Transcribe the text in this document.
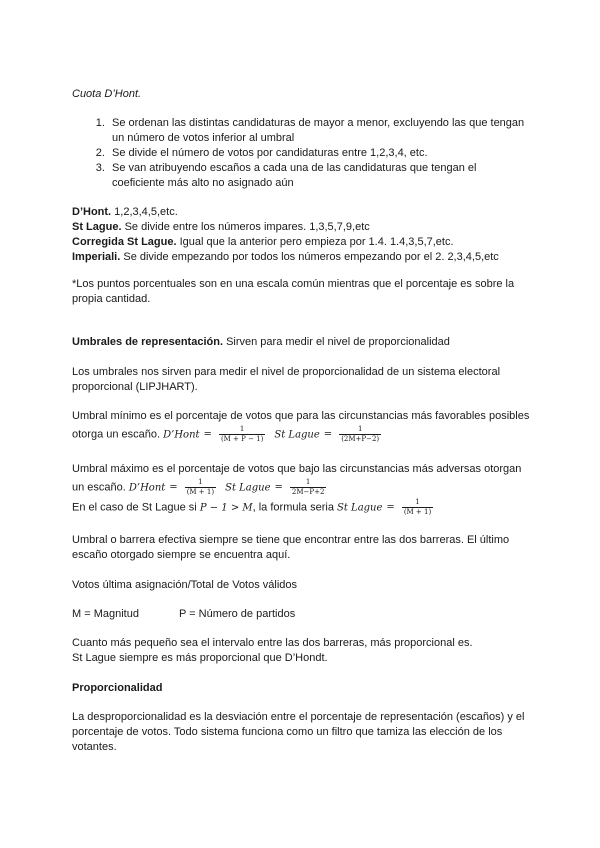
Cuota D’Hont.
1. Se ordenan las distintas candidaturas de mayor a menor, excluyendo las que tengan un número de votos inferior al umbral
2. Se divide el número de votos por candidaturas entre 1,2,3,4, etc.
3. Se van atribuyendo escaños a cada una de las candidaturas que tengan el coeficiente más alto no asignado aún
D’Hont. 1,2,3,4,5,etc.
St Lague. Se divide entre los números impares. 1,3,5,7,9,etc
Corregida St Lague. Igual que la anterior pero empieza por 1.4. 1.4,3,5,7,etc.
Imperiali. Se divide empezando por todos los números empezando por el 2. 2,3,4,5,etc
*Los puntos porcentuales son en una escala común mientras que el porcentaje es sobre la propia cantidad.
Umbrales de representación. Sirven para medir el nivel de proporcionalidad
Los umbrales nos sirven para medir el nivel de proporcionalidad de un sistema electoral proporcional (LIPJHART).
Umbral mínimo es el porcentaje de votos que para las circunstancias más favorables posibles otorga un escaño. D’Hont = $\frac{1}{(M + P - 1)}$ St Lague = $\frac{1}{(2M+P-2)}$
Umbral máximo es el porcentaje de votos que bajo las circunstancias más adversas otorgan un escaño. D’Hont = $\frac{1}{(M + 1)}$ St Lague = $\frac{1}{2M-P+2}$
En el caso de St Lague si P − 1 > M, la formula seria St Lague = $\frac{1}{(M + 1)}$
Umbral o barrera efectiva siempre se tiene que encontrar entre las dos barreras. El último escaño otorgado siempre se encuentra aquí.
Votos última asignación/Total de Votos válidos
M = Magnitud	P = Número de partidos
Cuanto más pequeño sea el intervalo entre las dos barreras, más proporcional es.
St Lague siempre es más proporcional que D’Hondt.
Proporcionalidad
La desproporcionalidad es la desviación entre el porcentaje de representación (escaños) y el porcentaje de votos. Todo sistema funciona como un filtro que tamiza las elección de los votantes.
